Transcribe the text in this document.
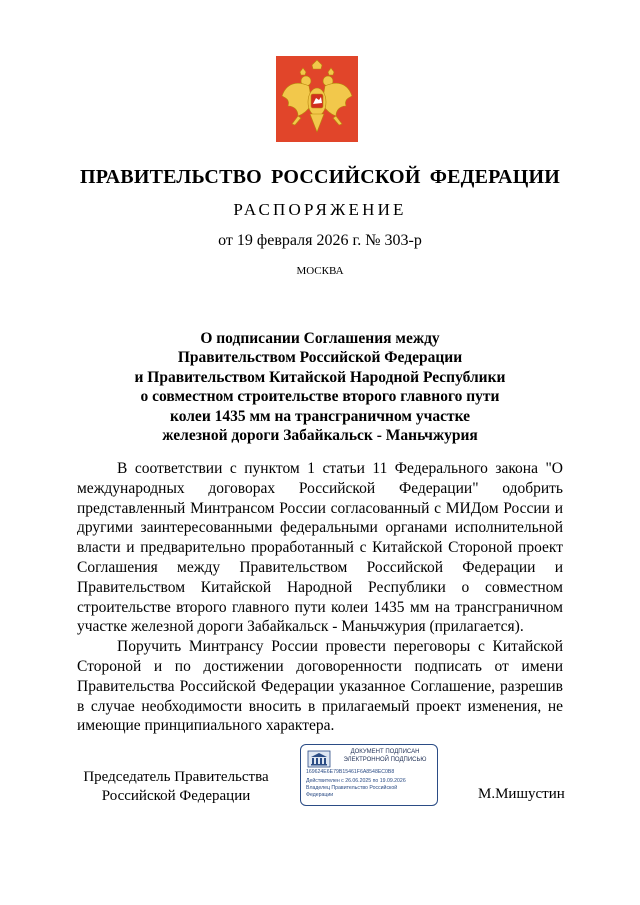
ПРАВИТЕЛЬСТВО РОССИЙСКОЙ ФЕДЕРАЦИИ
РАСПОРЯЖЕНИЕ
от 19 февраля 2026 г. № 303-р
МОСКВА
О подписании Соглашения между
Правительством Российской Федерации
и Правительством Китайской Народной Республики
о совместном строительстве второго главного пути
колеи 1435 мм на трансграничном участке
железной дороги Забайкальск - Маньчжурия

В соответствии с пунктом 1 статьи 11 Федерального закона "О международных договорах Российской Федерации" одобрить представленный Минтрансом России согласованный с МИДом России и другими заинтересованными федеральными органами исполнительной власти и предварительно проработанный с Китайской Стороной проект Соглашения между Правительством Российской Федерации и Правительством Китайской Народной Республики о совместном строительстве второго главного пути колеи 1435 мм на трансграничном участке железной дороги Забайкальск - Маньчжурия (прилагается).

Поручить Минтрансу России провести переговоры с Китайской Стороной и по достижении договоренности подписать от имени Правительства Российской Федерации указанное Соглашение, разрешив в случае необходимости вносить в прилагаемый проект изменения, не имеющие принципиального характера.

Председатель Правительства
Российской Федерации
ДОКУМЕНТ ПОДПИСАН
ЭЛЕКТРОННОЙ ПОДПИСЬЮ
169624E6E79B15461F6A8548EC0B8
Действителен с 26.06.2025 по 19.09.2026
Владелец Правительство Российской
Федерации	М.Мишустин
